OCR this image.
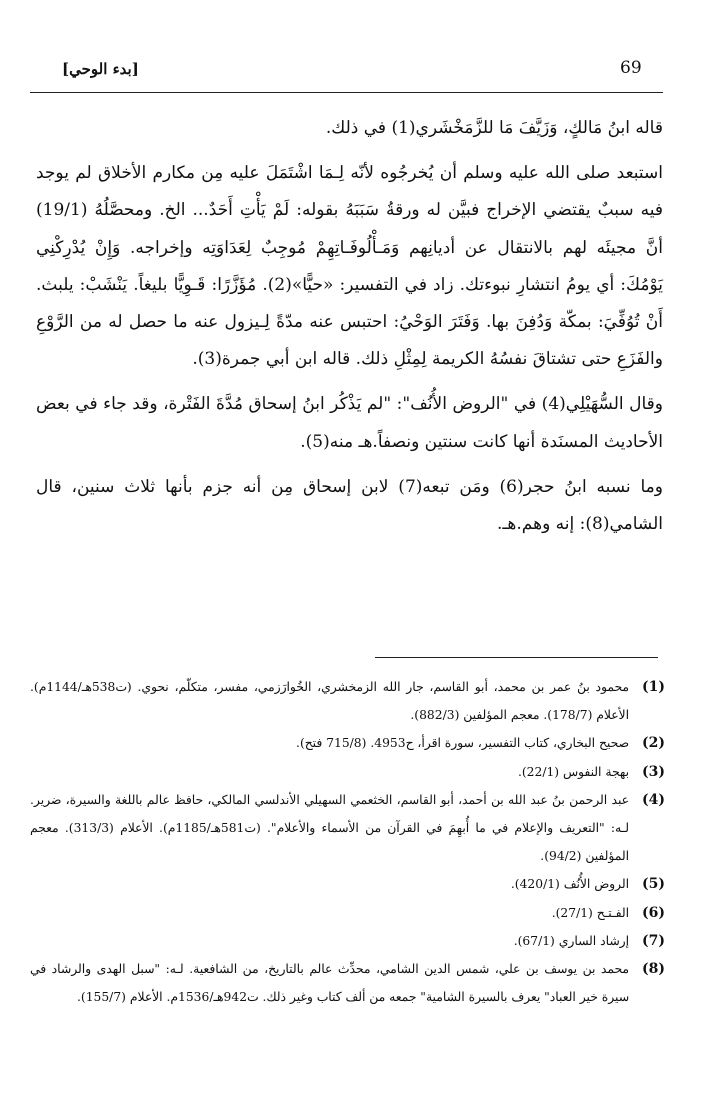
69
[بدء الوحي]

قاله ابنُ مَالكٍ، وَزَيَّفَ مَا للزَّمَخْشَري(1) في ذلك.

استبعد صلى الله عليه وسلم أن يُخرجُوه لأنّه لِـمَا اشْتَمَلَ عليه مِن مكارم الأخلاق لم يوجد فيه سببٌ يقتضي الإخراج فبيَّن له ورقةُ سَبَبَهُ بقوله: لَمْ يَأْتِ أَحَدٌ... الخ. ومحصَّلُهُ (19/1) أنَّ مجيئَه لهم بالانتقال عن أديانِهم وَمَـأْلُوفَـاتِهِمْ مُوجِبٌ لِعَدَاوَتِه وإخراجه. وَإِنْ يُدْرِكْنِي يَوْمُكَ: أي يومُ انتشارِ نبوءتك. زاد في التفسير: «حيًّا»(2). مُؤَزَّرًا: قَـوِيًّا بليغاً. يَنْشَبْ: يلبث. أَنْ تُوُفِّيَ: بمكّة وَدُفِنَ بها. وَفَتَرَ الوَحْيُ: احتبس عنه مدّةً لِـيزول عنه ما حصل له من الرَّوْعِ والفَزَعِ حتى تشتاقَ نفسُهُ الكريمة لِمِثْلِ ذلك. قاله ابن أبي جمرة(3).

وقال السُّهَيْلِي(4) في "الروض الأُنُف": "لم يَذْكُر ابنُ إسحاق مُدَّةَ الفَتْرة، وقد جاء في بعض الأحاديث المسنَدة أنها كانت سنتين ونصفاً.هـ منه(5).

وما نسبه ابنُ حجر(6) ومَن تبعه(7) لابن إسحاق مِن أنه جزم بأنها ثلاث سنين، قال الشامي(8): إنه وهم.هـ.

(1)
محمود بنُ عمر بن محمد، أبو القاسم، جار الله الزمخشري، الخُوارَزمي، مفسر، متكلّم، نحوي. (ت538هـ/1144م). الأعلام (178/7). معجم المؤلفين (882/3).
(2)
صحيح البخاري، كتاب التفسير، سورة اقرأ، ح4953. (715/8 فتح).
(3)
بهجة النفوس (22/1).
(4)
عبد الرحمن بنُ عبد الله بن أحمد، أبو القاسم، الخثعمي السهيلي الأندلسي المالكي، حافظ عالم باللغة والسيرة، ضرير. لـه: "التعريف والإعلام في ما أُبهِمَ في القرآن من الأسماء والأعلام". (ت581هـ/1185م). الأعلام (313/3). معجم المؤلفين (94/2).
(5)
الروض الأُنُف (420/1).
(6)
الفـتـح (27/1).
(7)
إرشاد الساري (67/1).
(8)
محمد بن يوسف بن علي، شمس الدين الشامي، محدِّث عالم بالتاريخ، من الشافعية. لـه: "سبل الهدى والرشاد في سيرة خير العباد" يعرف بالسيرة الشامية" جمعه من ألف كتاب وغير ذلك. ت942هـ/1536م. الأعلام (155/7).
